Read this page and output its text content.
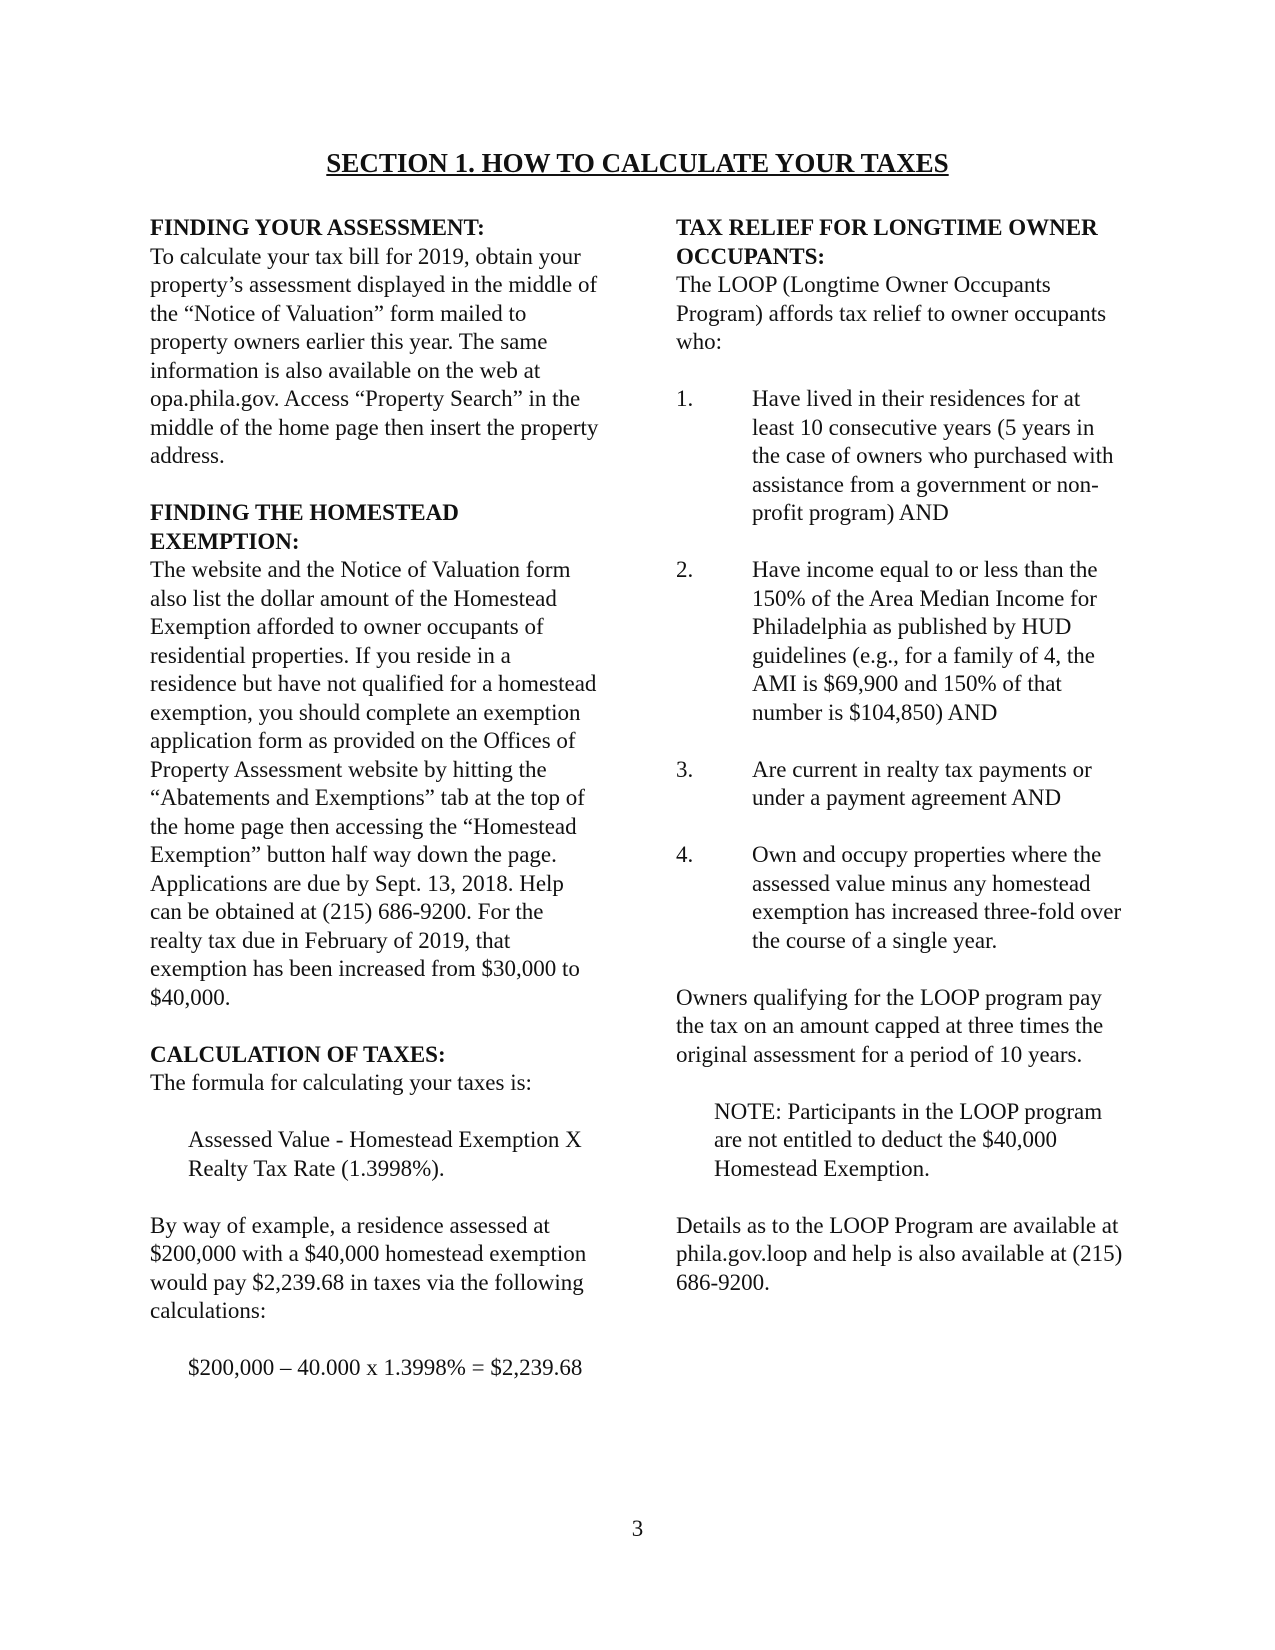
SECTION 1. HOW TO CALCULATE YOUR TAXES

FINDING YOUR ASSESSMENT:

To calculate your tax bill for 2019, obtain your property’s assessment displayed in the middle of the “Notice of Valuation” form mailed to property owners earlier this year. The same information is also available on the web at opa.phila.gov. Access “Property Search” in the middle of the home page then insert the property address.

FINDING THE HOMESTEAD EXEMPTION:

The website and the Notice of Valuation form also list the dollar amount of the Homestead Exemption afforded to owner occupants of residential properties. If you reside in a residence but have not qualified for a homestead exemption, you should complete an exemption application form as provided on the Offices of Property Assessment website by hitting the “Abatements and Exemptions” tab at the top of the home page then accessing the “Homestead Exemption” button half way down the page. Applications are due by Sept. 13, 2018. Help can be obtained at (215) 686-9200. For the realty tax due in February of 2019, that exemption has been increased from $30,000 to $40,000.

CALCULATION OF TAXES:

The formula for calculating your taxes is:

Assessed Value - Homestead Exemption X Realty Tax Rate (1.3998%).

By way of example, a residence assessed at $200,000 with a $40,000 homestead exemption would pay $2,239.68 in taxes via the following calculations:

$200,000 – 40.000 x 1.3998% = $2,239.68

TAX RELIEF FOR LONGTIME OWNER OCCUPANTS:

The LOOP (Longtime Owner Occupants Program) affords tax relief to owner occupants who:

1.	Have lived in their residences for at least 10 consecutive years (5 years in the case of owners who purchased with assistance from a government or non-profit program) AND
2.	Have income equal to or less than the 150% of the Area Median Income for Philadelphia as published by HUD guidelines (e.g., for a family of 4, the AMI is $69,900 and 150% of that number is $104,850) AND
3.	Are current in realty tax payments or under a payment agreement AND
4.	Own and occupy properties where the assessed value minus any homestead exemption has increased three-fold over the course of a single year.

Owners qualifying for the LOOP program pay the tax on an amount capped at three times the original assessment for a period of 10 years.

NOTE: Participants in the LOOP program are not entitled to deduct the $40,000 Homestead Exemption.

Details as to the LOOP Program are available at phila.gov.loop and help is also available at (215) 686-9200.

3
